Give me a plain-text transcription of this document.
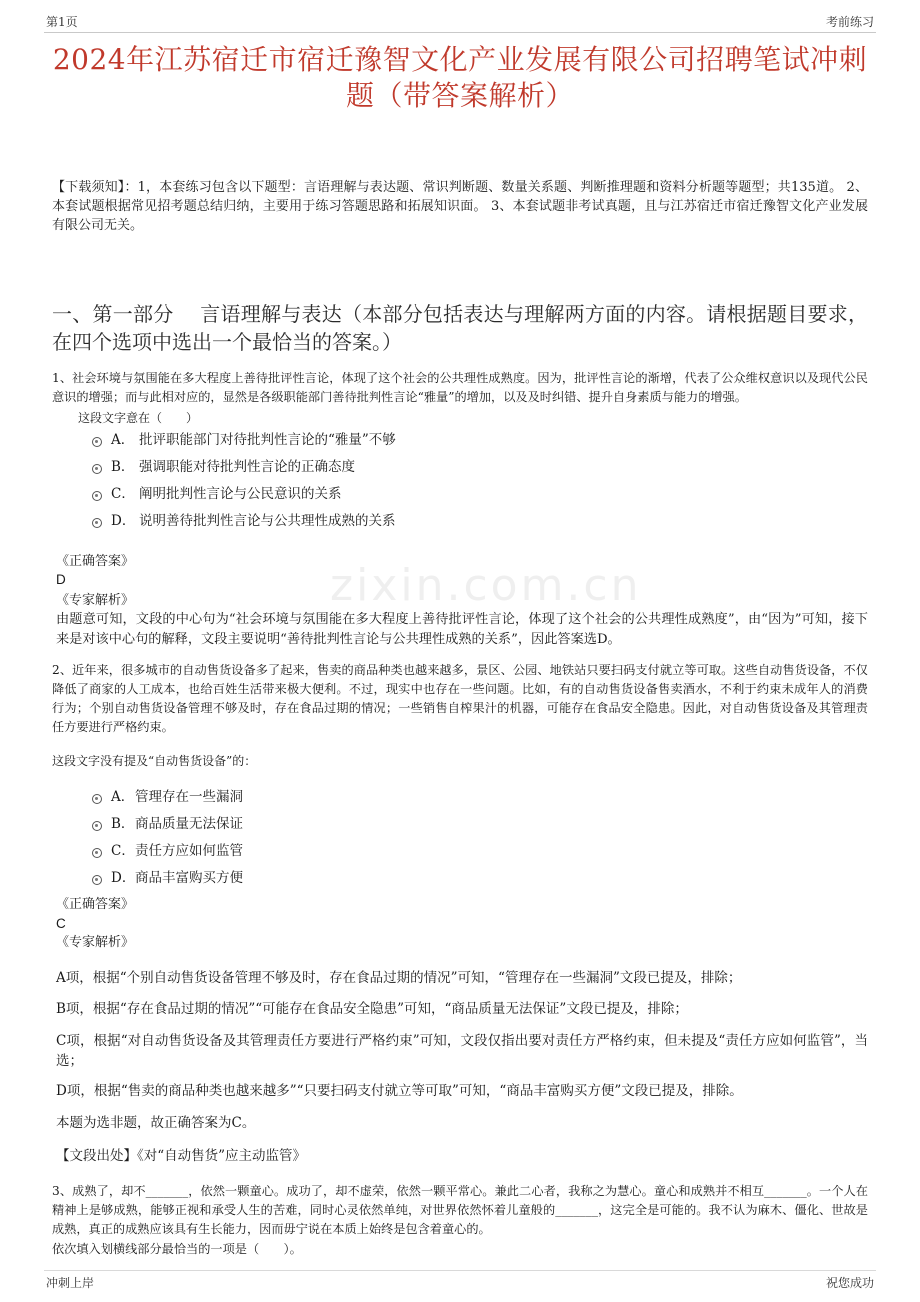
第1页	考前练习
zixin.com.cn
2024年江苏宿迁市宿迁豫智文化产业发展有限公司招聘笔试冲刺题（带答案解析）
【下载须知】：1，本套练习包含以下题型：言语理解与表达题、常识判断题、数量关系题、判断推理题和资料分析题等题型；共135道。 2、本套试题根据常见招考题总结归纳，主要用于练习答题思路和拓展知识面。 3、本套试题非考试真题，且与江苏宿迁市宿迁豫智文化产业发展有限公司无关。
一、第一部分　 言语理解与表达（本部分包括表达与理解两方面的内容。请根据题目要求，在四个选项中选出一个最恰当的答案。）
1、社会环境与氛围能在多大程度上善待批评性言论，体现了这个社会的公共理性成熟度。因为，批评性言论的渐增，代表了公众维权意识以及现代公民意识的增强；而与此相对应的，显然是各级职能部门善待批判性言论“雅量”的增加，以及及时纠错、提升自身素质与能力的增强。
这段文字意在（　　）
A． 批评职能部门对待批判性言论的“雅量”不够
B． 强调职能对待批判性言论的正确态度
C． 阐明批判性言论与公民意识的关系
D． 说明善待批判性言论与公共理性成熟的关系
《正确答案》
D
《专家解析》
由题意可知，文段的中心句为“社会环境与氛围能在多大程度上善待批评性言论，体现了这个社会的公共理性成熟度”，由“因为”可知，接下来是对该中心句的解释，文段主要说明“善待批判性言论与公共理性成熟的关系”，因此答案选D。
2、近年来，很多城市的自动售货设备多了起来，售卖的商品种类也越来越多，景区、公园、地铁站只要扫码支付就立等可取。这些自动售货设备，不仅降低了商家的人工成本，也给百姓生活带来极大便利。不过，现实中也存在一些问题。比如，有的自动售货设备售卖酒水，不利于约束未成年人的消费行为；个别自动售货设备管理不够及时，存在食品过期的情况；一些销售自榨果汁的机器，可能存在食品安全隐患。因此，对自动售货设备及其管理责任方要进行严格约束。
这段文字没有提及“自动售货设备”的：
A．管理存在一些漏洞
B．商品质量无法保证
C．责任方应如何监管
D．商品丰富购买方便
《正确答案》
C
《专家解析》
A项，根据“个别自动售货设备管理不够及时，存在食品过期的情况”可知，“管理存在一些漏洞”文段已提及，排除；
B项，根据“存在食品过期的情况”“可能存在食品安全隐患”可知，“商品质量无法保证”文段已提及，排除；
C项，根据“对自动售货设备及其管理责任方要进行严格约束”可知，文段仅指出要对责任方严格约束，但未提及“责任方应如何监管”，当选；
D项，根据“售卖的商品种类也越来越多”“只要扫码支付就立等可取”可知，“商品丰富购买方便”文段已提及，排除。
本题为选非题，故正确答案为C。
【文段出处】《对“自动售货”应主动监管》
3、成熟了，却不_______，依然一颗童心。成功了，却不虚荣，依然一颗平常心。兼此二心者，我称之为慧心。童心和成熟并不相互_______。一个人在精神上是够成熟，能够正视和承受人生的苦难，同时心灵依然单纯，对世界依然怀着儿童般的_______，这完全是可能的。我不认为麻木、僵化、世故是成熟，真正的成熟应该具有生长能力，因而毋宁说在本质上始终是包含着童心的。
依次填入划横线部分最恰当的一项是（　　）。
冲刺上岸	祝您成功
